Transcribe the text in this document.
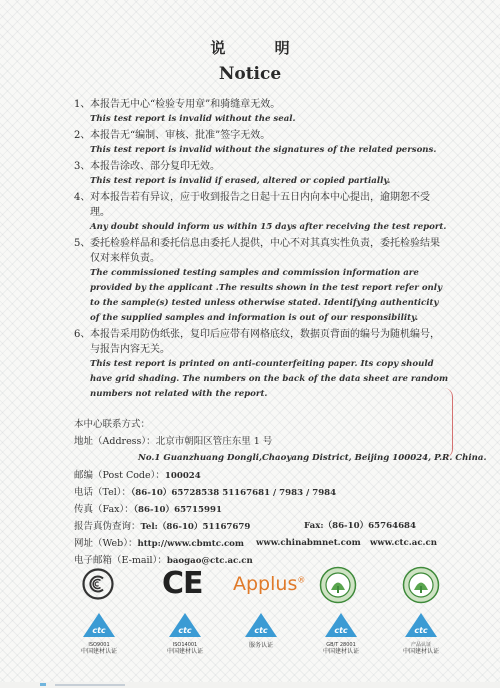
说 明
Notice
1、 本报告无中心“检验专用章”和骑缝章无效。
This test report is invalid without the seal.
2、 本报告无“编制、审核、批准”签字无效。
This test report is invalid without the signatures of the related persons.
3、 本报告涂改、部分复印无效。
This test report is invalid if erased, altered or copied partially.
4、 对本报告若有异议，应于收到报告之日起十五日内向本中心提出，逾期恕不受理。
Any doubt should inform us within 15 days after receiving the test report.
5、 委托检验样品和委托信息由委托人提供，中心不对其真实性负责，委托检验结果仅对来样负责。
The commissioned testing samples and commission information are provided by the applicant .The results shown in the test report refer only to the sample(s) tested unless otherwise stated. Identifying authenticity of the supplied samples and information is out of our responsibility.
6、 本报告采用防伪纸张，复印后应带有网格底纹，数据页背面的编号为随机编号，与报告内容无关。
This test report is printed on anti-counterfeiting paper. Its copy should have grid shading. The numbers on the back of the data sheet are random numbers not related with the report.
本中心联系方式：
地址（Address）：北京市朝阳区管庄东里 1 号
No.1 Guanzhuang Dongli,Chaoyang District, Beijing 100024, P.R. China.
邮编（Post Code）：100024
电话（Tel）：（86-10）65728538 51167681 / 7983 / 7984
传真（Fax）：（86-10）65715991
报告真伪查询：Tel:（86-10）51167679	Fax:（86-10）65764684
网址（Web）：http://www.cbmtc.com www.chinabmnet.com www.ctc.ac.cn
电子邮箱（E-mail）：baogao@ctc.ac.cn
CE Applus®
ctc
ISO9001
中国建材认证
ctc
ISO14001
中国建材认证
ctc
服务认证
ctc
GB/T 28001
中国建材认证
ctc
产品认证
中国建材认证
